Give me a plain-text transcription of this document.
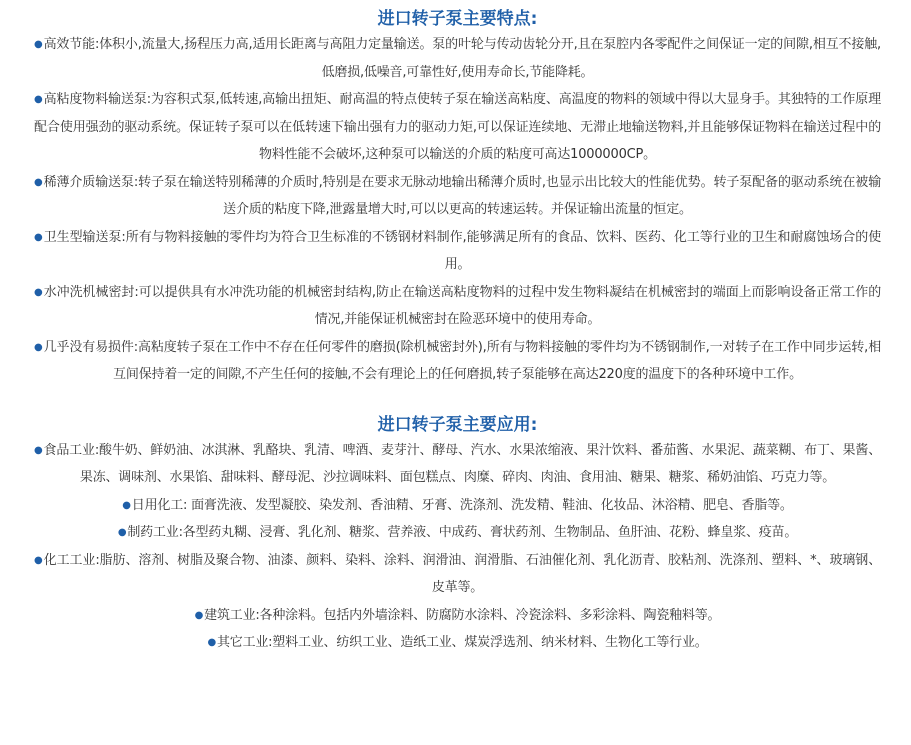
进口转子泵主要特点:

●高效节能:体积小,流量大,扬程压力高,适用长距离与高阻力定量输送。泵的叶轮与传动齿轮分开,且在泵腔内各零配件之间保证一定的间隙,相互不接触,低磨损,低噪音,可靠性好,使用寿命长,节能降耗。

●高粘度物料输送泵:为容积式泵,低转速,高输出扭矩、耐高温的特点使转子泵在输送高粘度、高温度的物料的领域中得以大显身手。其独特的工作原理配合使用强劲的驱动系统。保证转子泵可以在低转速下输出强有力的驱动力矩,可以保证连续地、无滞止地输送物料,并且能够保证物料在输送过程中的物料性能不会破坏,这种泵可以输送的介质的粘度可高达1000000CP。

●稀薄介质输送泵:转子泵在输送特别稀薄的介质时,特别是在要求无脉动地输出稀薄介质时,也显示出比较大的性能优势。转子泵配备的驱动系统在被输送介质的粘度下降,泄露量增大时,可以以更高的转速运转。并保证输出流量的恒定。

●卫生型输送泵:所有与物料接触的零件均为符合卫生标准的不锈钢材料制作,能够满足所有的食品、饮料、医药、化工等行业的卫生和耐腐蚀场合的使用。

●水冲洗机械密封:可以提供具有水冲洗功能的机械密封结构,防止在输送高粘度物料的过程中发生物料凝结在机械密封的端面上而影响设备正常工作的情况,并能保证机械密封在险恶环境中的使用寿命。

●几乎没有易损件:高粘度转子泵在工作中不存在任何零件的磨损(除机械密封外),所有与物料接触的零件均为不锈钢制作,一对转子在工作中同步运转,相互间保持着一定的间隙,不产生任何的接触,不会有理论上的任何磨损,转子泵能够在高达220度的温度下的各种环境中工作。

进口转子泵主要应用:

●食品工业:酸牛奶、鲜奶油、冰淇淋、乳酪块、乳清、啤酒、麦芽汁、酵母、汽水、水果浓缩液、果汁饮料、番茄酱、水果泥、蔬菜糊、布丁、果酱、果冻、调味剂、水果馅、甜味料、酵母泥、沙拉调味料、面包糕点、肉糜、碎肉、肉油、食用油、糖果、糖浆、稀奶油馅、巧克力等。

●日用化工: 面膏洗液、发型凝胶、染发剂、香油精、牙膏、洗涤剂、洗发精、鞋油、化妆品、沐浴精、肥皂、香脂等。

●制药工业:各型药丸糊、浸膏、乳化剂、糖浆、营养液、中成药、膏状药剂、生物制品、鱼肝油、花粉、蜂皇浆、疫苗。

●化工工业:脂肪、溶剂、树脂及聚合物、油漆、颜料、染料、涂料、润滑油、润滑脂、石油催化剂、乳化沥青、胶粘剂、洗涤剂、塑料、*、玻璃钢、皮革等。

●建筑工业:各种涂料。包括内外墙涂料、防腐防水涂料、冷瓷涂料、多彩涂料、陶瓷釉料等。

●其它工业:塑料工业、纺织工业、造纸工业、煤炭浮选剂、纳米材料、生物化工等行业。
